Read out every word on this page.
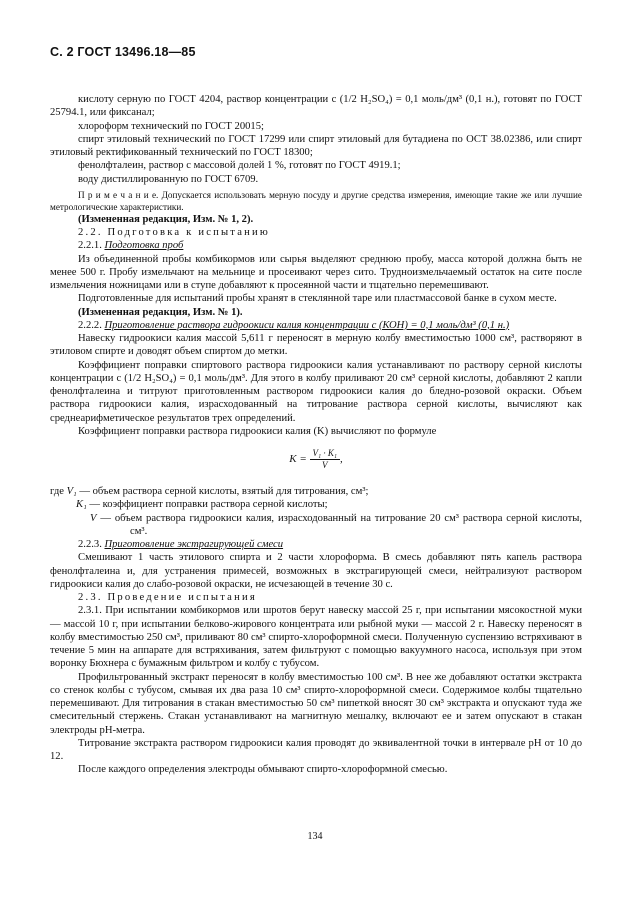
С. 2 ГОСТ 13496.18—85

кислоту серную по ГОСТ 4204, раствор концентрации с (1/2 H₂SO₄) = 0,1 моль/дм³ (0,1 н.), готовят по ГОСТ 25794.1, или фиксанал;

хлороформ технический по ГОСТ 20015;

спирт этиловый технический по ГОСТ 17299 или спирт этиловый для бутадиена по ОСТ 38.02386, или спирт этиловый ректификованный технический по ГОСТ 18300;

фенолфталеин, раствор с массовой долей 1 %, готовят по ГОСТ 4919.1;

воду дистиллированную по ГОСТ 6709.

П р и м е ч а н и е. Допускается использовать мерную посуду и другие средства измерения, имеющие такие же или лучшие метрологические характеристики.

(Измененная редакция, Изм. № 1, 2).

2.2. Подготовка к испытанию

2.2.1. Подготовка проб

Из объединенной пробы комбикормов или сырья выделяют среднюю пробу, масса которой должна быть не менее 500 г. Пробу измельчают на мельнице и просеивают через сито. Трудноизмельчаемый остаток на сите после измельчения ножницами или в ступе добавляют к просеянной части и тщательно перемешивают.

Подготовленные для испытаний пробы хранят в стеклянной таре или пластмассовой банке в сухом месте.

(Измененная редакция, Изм. № 1).

2.2.2. Приготовление раствора гидроокиси калия концентрации с (КОН) = 0,1 моль/дм³ (0,1 н.)

Навеску гидроокиси калия массой 5,611 г переносят в мерную колбу вместимостью 1000 см³, растворяют в этиловом спирте и доводят объем спиртом до метки.

Коэффициент поправки спиртового раствора гидроокиси калия устанавливают по раствору серной кислоты концентрации с (1/2 H₂SO₄) = 0,1 моль/дм³. Для этого в колбу приливают 20 см³ серной кислоты, добавляют 2 капли фенолфталеина и титруют приготовленным раствором гидроокиси калия до бледно-розовой окраски. Объем раствора гидроокиси калия, израсходованный на титрование раствора серной кислоты, вычисляют как среднеарифметическое результатов трех определений.

Коэффициент поправки раствора гидроокиси калия (K) вычисляют по формуле

$K = \frac{\text{V₁ · K₁}}{V}$ ,
где V₁ — объем раствора серной кислоты, взятый для титрования, см³;
K₁ — коэффициент поправки раствора серной кислоты;
V — объем раствора гидроокиси калия, израсходованный на титрование 20 см³ раствора серной кислоты, см³.

2.2.3. Приготовление экстрагирующей смеси

Смешивают 1 часть этилового спирта и 2 части хлороформа. В смесь добавляют пять капель раствора фенолфталеина и, для устранения примесей, возможных в экстрагирующей смеси, нейтрализуют раствором гидроокиси калия до слабо-розовой окраски, не исчезающей в течение 30 с.

2.3. Проведение испытания

2.3.1. При испытании комбикормов или шротов берут навеску массой 25 г, при испытании мясокостной муки — массой 10 г, при испытании белково-жирового концентрата или рыбной муки — массой 2 г. Навеску переносят в колбу вместимостью 250 см³, приливают 80 см³ спирто-хлороформной смеси. Полученную суспензию встряхивают в течение 5 мин на аппарате для встряхивания, затем фильтруют с помощью вакуумного насоса, используя при этом воронку Бюхнера с бумажным фильтром и колбу с тубусом.

Профильтрованный экстракт переносят в колбу вместимостью 100 см³. В нее же добавляют остатки экстракта со стенок колбы с тубусом, смывая их два раза 10 см³ спирто-хлороформной смеси. Содержимое колбы тщательно перемешивают. Для титрования в стакан вместимостью 50 см³ пипеткой вносят 30 см³ экстракта и опускают туда же смесительный стержень. Стакан устанавливают на магнитную мешалку, включают ее и затем опускают в стакан электроды pH-метра.

Титрование экстракта раствором гидроокиси калия проводят до эквивалентной точки в интервале pH от 10 до 12.

После каждого определения электроды обмывают спирто-хлороформной смесью.

134
